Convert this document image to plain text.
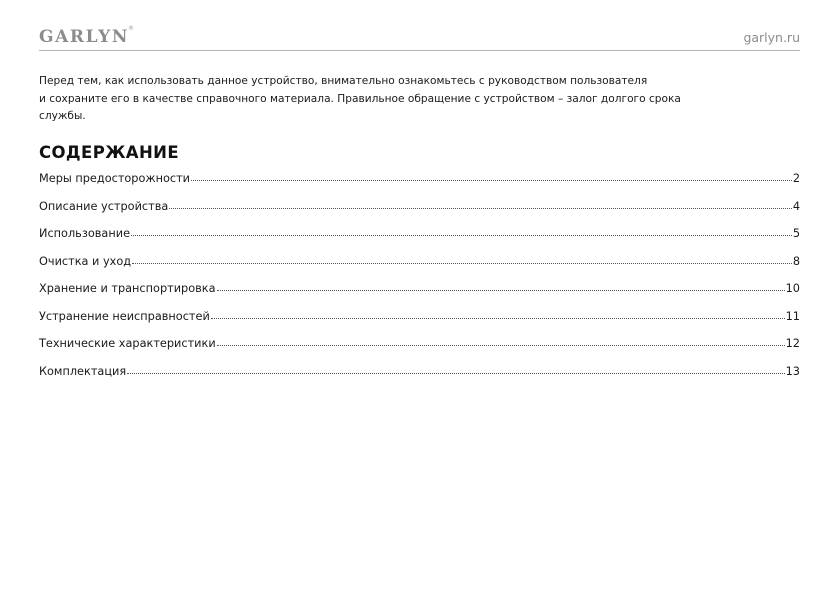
GARLYN ®
garlyn.ru

Перед тем, как использовать данное устройство, внимательно ознакомьтесь с руководством пользователя
и сохраните его в качестве справочного материала. Правильное обращение с устройством – залог долгого срока
службы.

СОДЕРЖАНИЕ
Меры предосторожности	2
Описание устройства	4
Использование	5
Очистка и уход	8
Хранение и транспортировка	10
Устранение неисправностей	11
Технические характеристики	12
Комплектация	13
